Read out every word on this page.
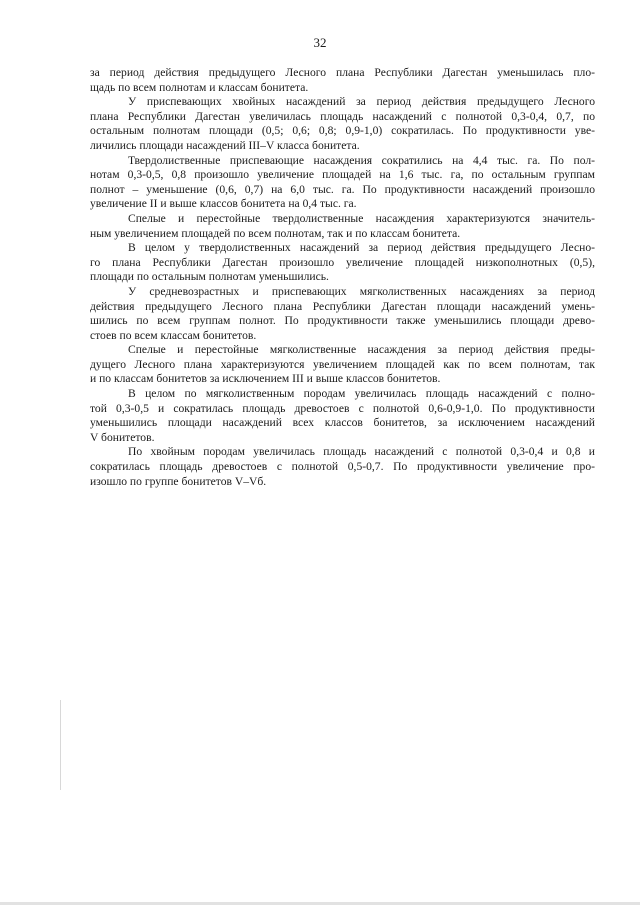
32
за период действия предыдущего Лесного плана Республики Дагестан уменьшилась пло-
щадь по всем полнотам и классам бонитета.
У приспевающих хвойных насаждений за период действия предыдущего Лесного
плана Республики Дагестан увеличилась площадь насаждений с полнотой 0,3-0,4, 0,7, по
остальным полнотам площади (0,5; 0,6; 0,8; 0,9-1,0) сократилась. По продуктивности уве-
личились площади насаждений III–V класса бонитета.
Твердолиственные приспевающие насаждения сократились на 4,4 тыс. га. По пол-
нотам 0,3-0,5, 0,8 произошло увеличение площадей на 1,6 тыс. га, по остальным группам
полнот – уменьшение (0,6, 0,7) на 6,0 тыс. га. По продуктивности насаждений произошло
увеличение II и выше классов бонитета на 0,4 тыс. га.
Спелые и перестойные твердолиственные насаждения характеризуются значитель-
ным увеличением площадей по всем полнотам, так и по классам бонитета.
В целом у твердолиственных насаждений за период действия предыдущего Лесно-
го плана Республики Дагестан произошло увеличение площадей низкополнотных (0,5),
площади по остальным полнотам уменьшились.
У средневозрастных и приспевающих мягколиственных насаждениях за период
действия предыдущего Лесного плана Республики Дагестан площади насаждений умень-
шились по всем группам полнот. По продуктивности также уменьшились площади древо-
стоев по всем классам бонитетов.
Спелые и перестойные мягколиственные насаждения за период действия преды-
дущего Лесного плана характеризуются увеличением площадей как по всем полнотам, так
и по классам бонитетов за исключением III и выше классов бонитетов.
В целом по мягколиственным породам увеличилась площадь насаждений с полно-
той 0,3-0,5 и сократилась площадь древостоев с полнотой 0,6-0,9-1,0. По продуктивности
уменьшились площади насаждений всех классов бонитетов, за исключением насаждений
V бонитетов.
По хвойным породам увеличилась площадь насаждений с полнотой 0,3-0,4 и 0,8 и
сократилась площадь древостоев с полнотой 0,5-0,7. По продуктивности увеличение про-
изошло по группе бонитетов V–Vб.
